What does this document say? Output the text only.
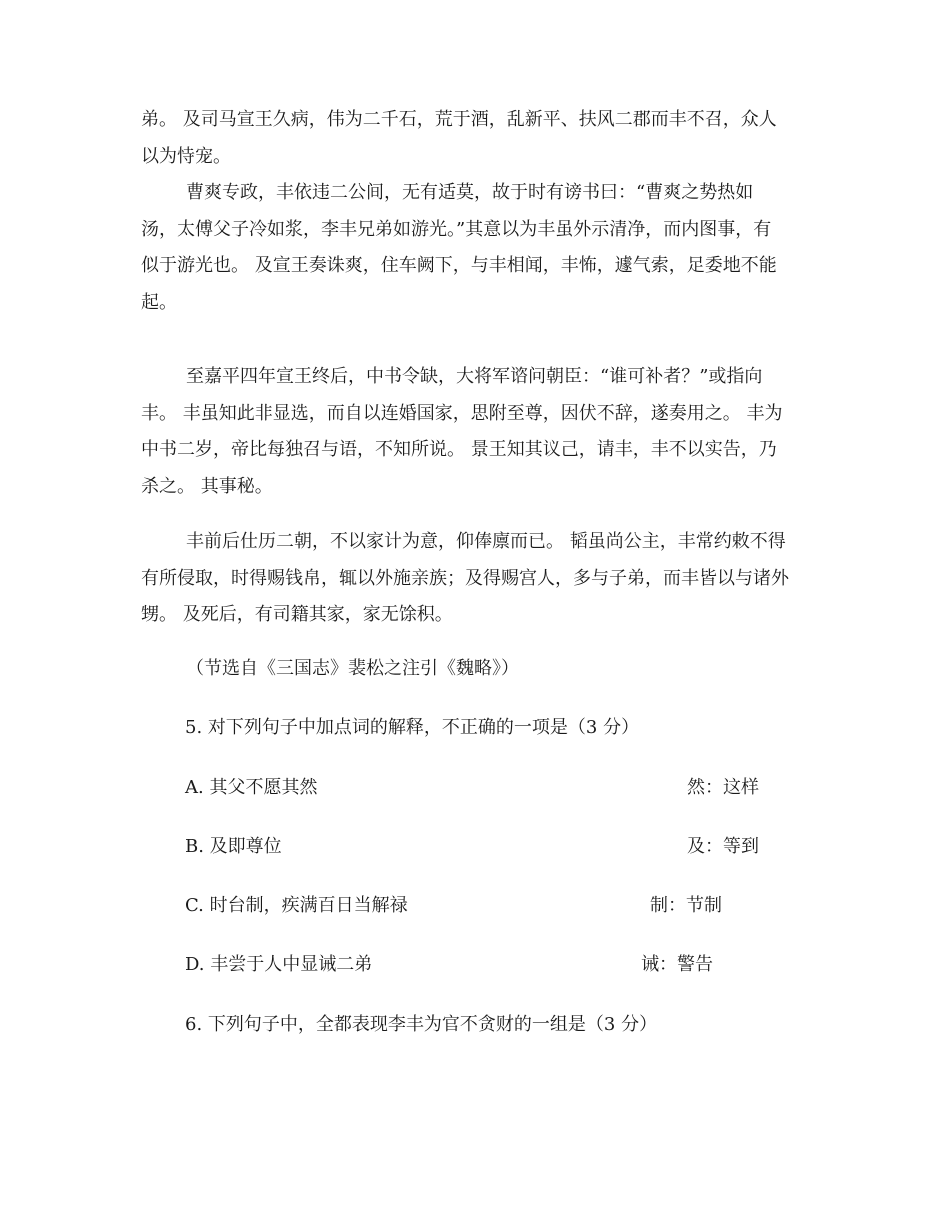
弟。 及司马宣王久病，伟为二千石，荒于酒，乱新平、扶风二郡而丰不召，众人
以为恃宠。
曹爽专政，丰依违二公间，无有适莫，故于时有谤书曰：“曹爽之势热如
汤，太傅父子冷如浆，李丰兄弟如游光。”其意以为丰虽外示清净，而内图事，有
似于游光也。 及宣王奏诛爽，住车阙下，与丰相闻，丰怖，遽气索，足委地不能
起。
至嘉平四年宣王终后，中书令缺，大将军谘问朝臣：“谁可补者？”或指向
丰。 丰虽知此非显选，而自以连婚国家，思附至尊，因伏不辞，遂奏用之。 丰为
中书二岁，帝比每独召与语，不知所说。 景王知其议己，请丰，丰不以实告，乃
杀之。 其事秘。
丰前后仕历二朝，不以家计为意，仰俸廪而已。 韬虽尚公主，丰常约敕不得
有所侵取，时得赐钱帛，辄以外施亲族；及得赐宫人，多与子弟，而丰皆以与诸外
甥。 及死后，有司籍其家，家无馀积。

（节选自《三国志》裴松之注引《魏略》）

5. 对下列句子中加点词的解释，不正确的一项是（3 分）

A. 其父不愿其然	然：这样
B. 及即尊位	及：等到
C. 时台制，疾满百日当解禄	制：节制
D. 丰尝于人中显诫二弟	诫：警告

6. 下列句子中，全都表现李丰为官不贪财的一组是（3 分）
